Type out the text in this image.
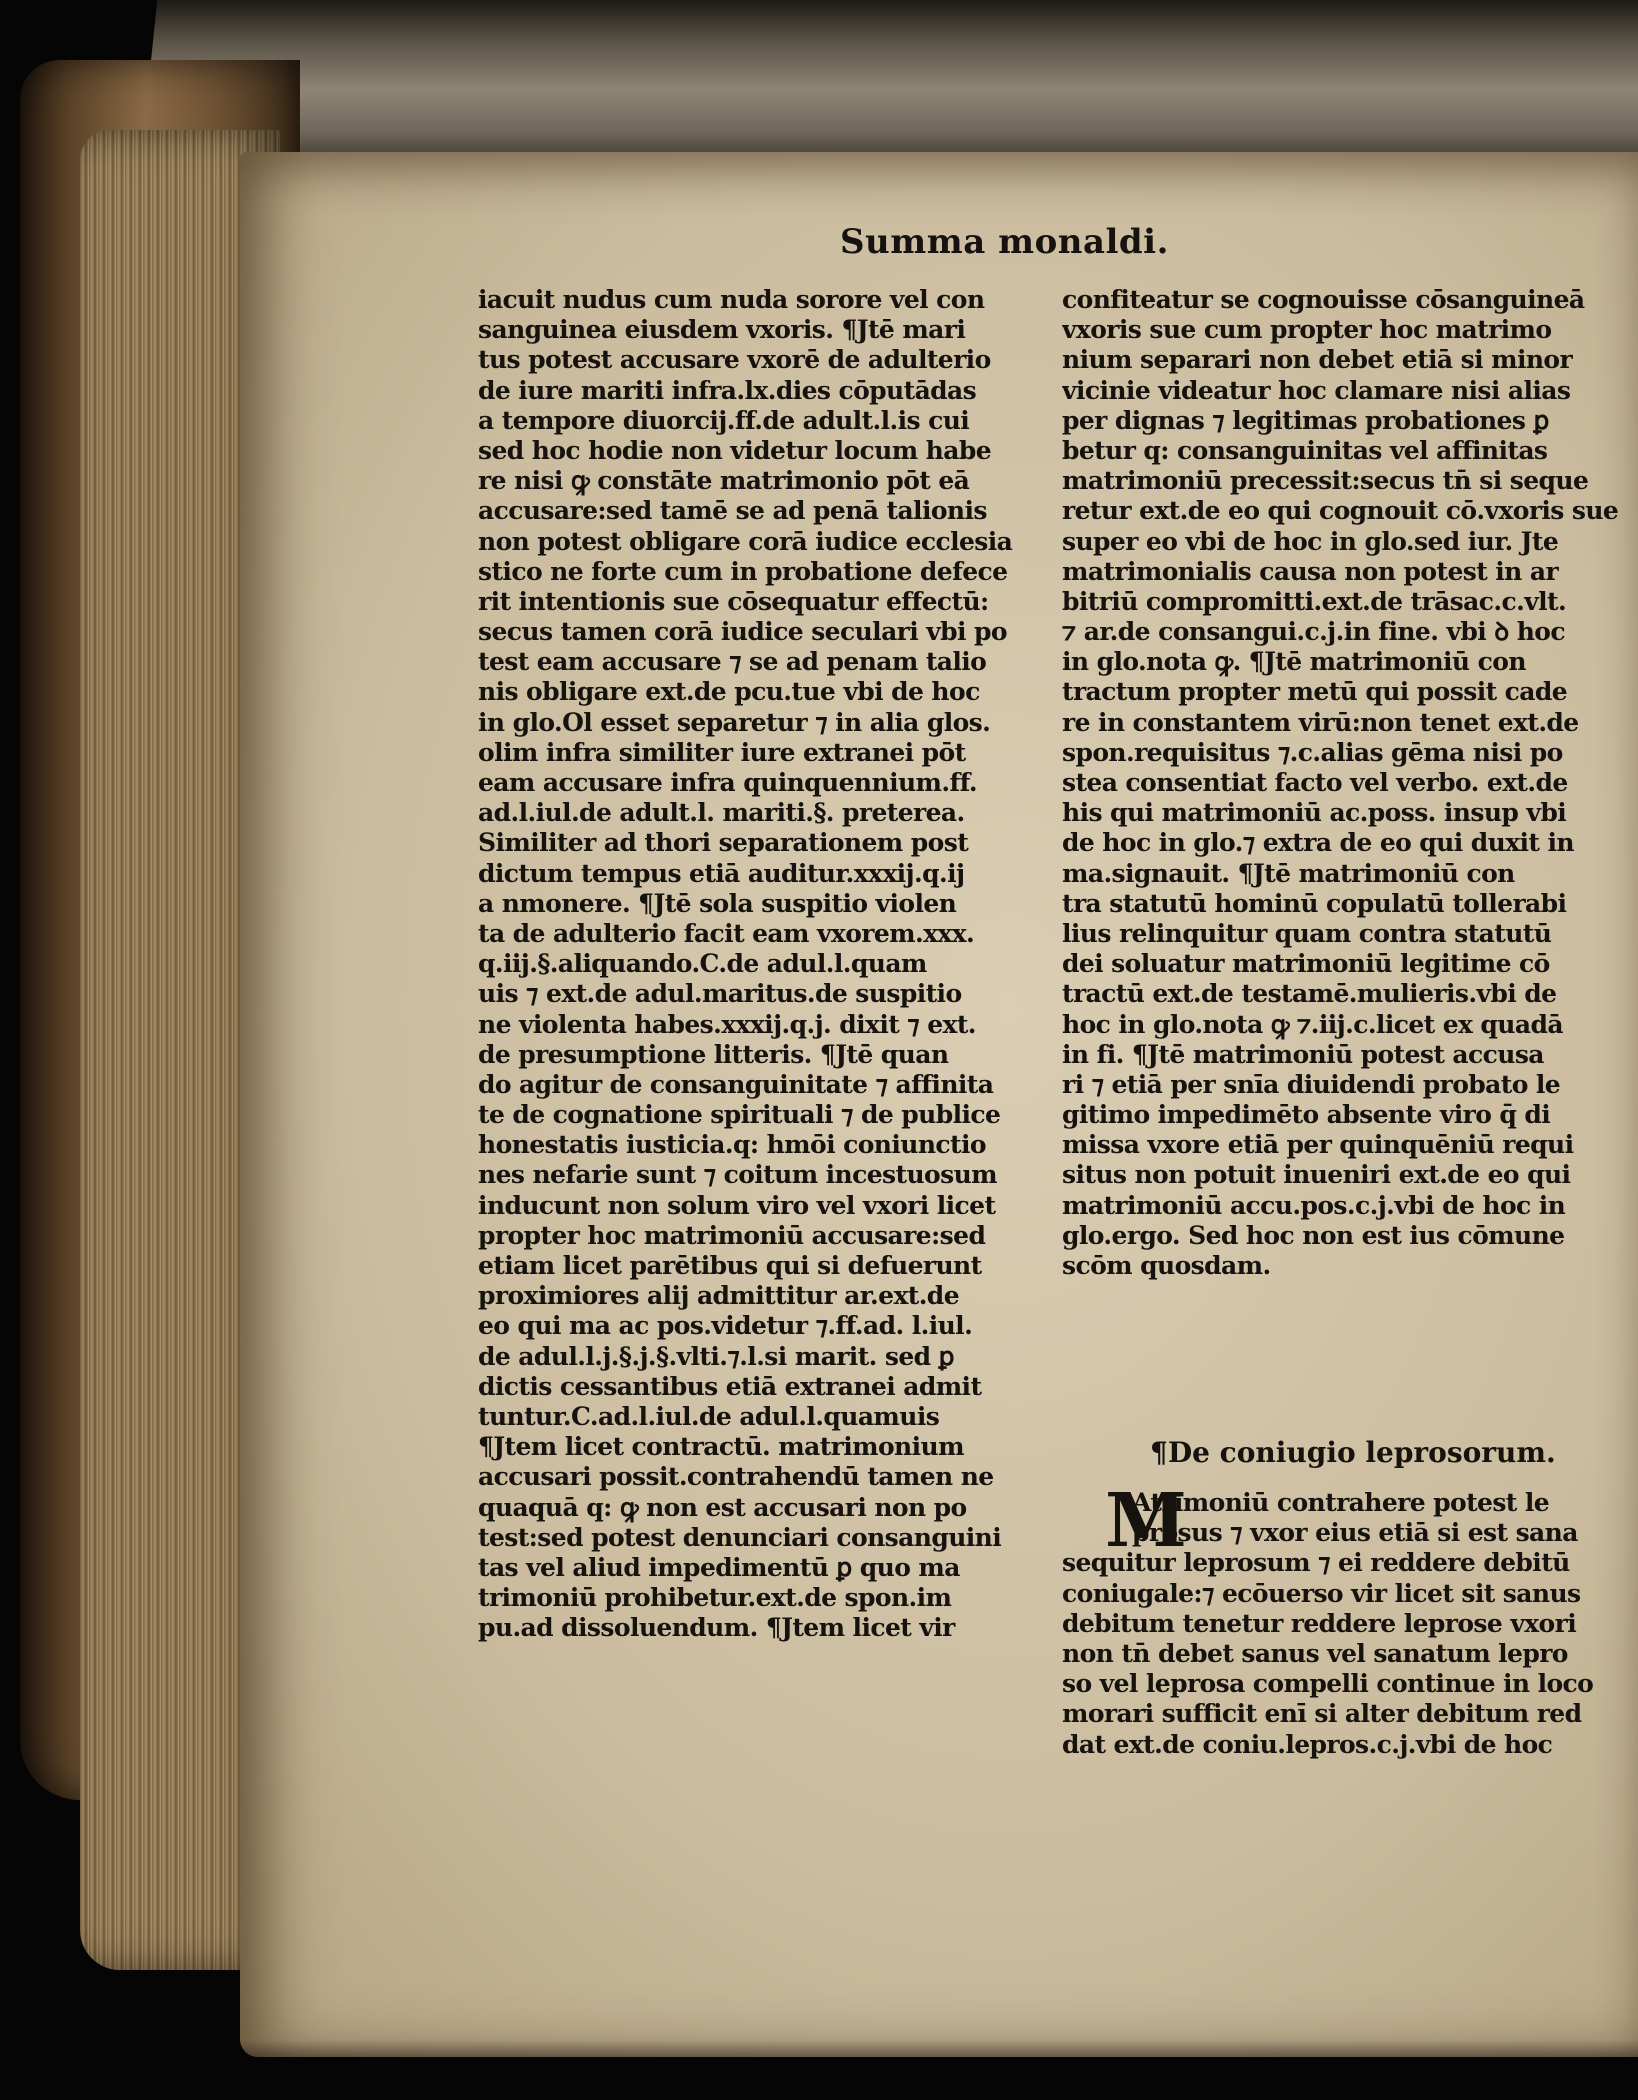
Summa monaldi.
iacuit nudus cum nuda sorore vel con
sanguinea eiusdem vxoris. ¶Jtē mari
tus potest accusare vxorē de adulterio
de iure mariti infra.lx.dies cōputādas
a tempore diuorcij.ff.de adult.l.is cui
sed hoc hodie non videtur locum habe
re nisi ꝙ constāte matrimonio pōt eā
accusare:sed tamē se ad penā talionis
non potest obligare corā iudice ecclesia
stico ne forte cum in probatione defece
rit intentionis sue cōsequatur effectū:
secus tamen corā iudice seculari vbi po
test eam accusare ⁊ se ad penam talio
nis obligare ext.de pcu.tue vbi de hoc
in glo.Ol esset separetur ⁊ in alia glos.
olim infra similiter iure extranei pōt
eam accusare infra quinquennium.ff.
ad.l.iul.de adult.l. mariti.§. preterea.
Similiter ad thori separationem post
dictum tempus etiā auditur.xxxij.q.ij
a nmonere. ¶Jtē sola suspitio violen
ta de adulterio facit eam vxorem.xxx.
q.iij.§.aliquando.C.de adul.l.quam
uis ⁊ ext.de adul.maritus.de suspitio
ne violenta habes.xxxij.q.j. dixit ⁊ ext.
de presumptione litteris. ¶Jtē quan
do agitur de consanguinitate ⁊ affinita
te de cognatione spirituali ⁊ de publice
honestatis iusticia.q: hmōi coniunctio
nes nefarie sunt ⁊ coitum incestuosum
inducunt non solum viro vel vxori licet
propter hoc matrimoniū accusare:sed
etiam licet parētibus qui si defuerunt
proximiores alij admittitur ar.ext.de
eo qui ma ac pos.videtur ⁊.ff.ad. l.iul.
de adul.l.j.§.j.§.vlti.⁊.l.si marit. sed ꝑ
dictis cessantibus etiā extranei admit
tuntur.C.ad.l.iul.de adul.l.quamuis
¶Jtem licet contractū. matrimonium
accusari possit.contrahendū tamen ne
quaquā q: ꝙ non est accusari non po
test:sed potest denunciari consanguini
tas vel aliud impedimentū ꝑ quo ma
trimoniū prohibetur.ext.de spon.im
pu.ad dissoluendum. ¶Jtem licet vir
confiteatur se cognouisse cōsanguineā
vxoris sue cum propter hoc matrimo
nium separari non debet etiā si minor
vicinie videatur hoc clamare nisi alias
per dignas ⁊ legitimas probationes ꝑ
betur q: consanguinitas vel affinitas
matrimoniū precessit:secus tn̄ si seque
retur ext.de eo qui cognouit cō.vxoris sue
super eo vbi de hoc in glo.sed iur. Jte
matrimonialis causa non potest in ar
bitriū compromitti.ext.de trāsac.c.vlt.
⁊ ar.de consangui.c.j.in fine. vbi ꝺ hoc
in glo.nota ꝙ. ¶Jtē matrimoniū con
tractum propter metū qui possit cade
re in constantem virū:non tenet ext.de
spon.requisitus ⁊.c.alias gēma nisi po
stea consentiat facto vel verbo. ext.de
his qui matrimoniū ac.poss. insup vbi
de hoc in glo.⁊ extra de eo qui duxit in
ma.signauit. ¶Jtē matrimoniū con
tra statutū hominū copulatū tollerabi
lius relinquitur quam contra statutū
dei soluatur matrimoniū legitime cō
tractū ext.de testamē.mulieris.vbi de
hoc in glo.nota ꝙ ⁊.iij.c.licet ex quadā
in fi. ¶Jtē matrimoniū potest accusa
ri ⁊ etiā per snīa diuidendi probato le
gitimo impedimēto absente viro q̄ di
missa vxore etiā per quinquēniū requi
situs non potuit inueniri ext.de eo qui
matrimoniū accu.pos.c.j.vbi de hoc in
glo.ergo. Sed hoc non est ius cōmune
scōm quosdam.
¶De coniugio leprosorum.
M
Atrimoniū contrahere potest le
prosus ⁊ vxor eius etiā si est sana
sequitur leprosum ⁊ ei reddere debitū
coniugale:⁊ ecōuerso vir licet sit sanus
debitum tenetur reddere leprose vxori
non tn̄ debet sanus vel sanatum lepro
so vel leprosa compelli continue in loco
morari sufficit enī si alter debitum red
dat ext.de coniu.lepros.c.j.vbi de hoc
